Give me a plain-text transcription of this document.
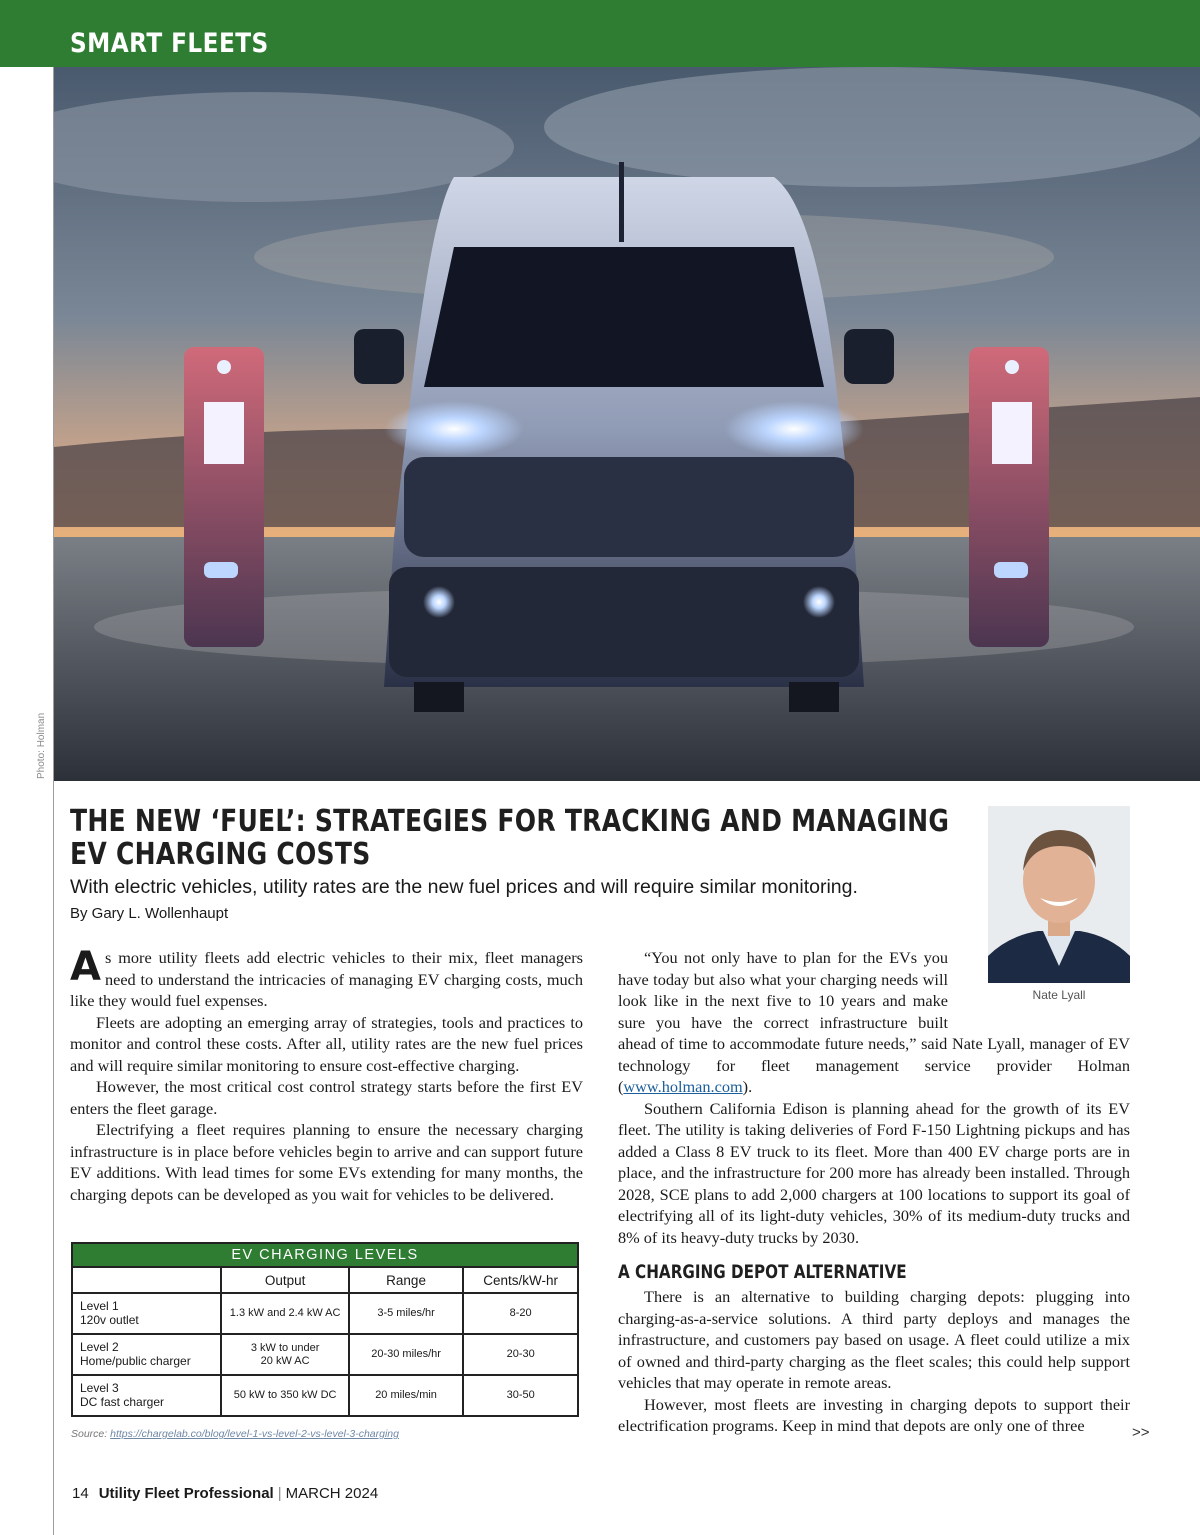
SMART FLEETS
Photo: Holman
THE NEW ‘FUEL’: STRATEGIES FOR TRACKING AND MANAGING
EV CHARGING COSTS
With electric vehicles, utility rates are the new fuel prices and will require similar monitoring.
By Gary L. Wollenhaupt
Nate Lyall

As more utility fleets add electric vehicles to their mix, fleet managers need to understand the intricacies of managing EV charging costs, much like they would fuel expenses.

Fleets are adopting an emerging array of strategies, tools and practices to monitor and control these costs. After all, utility rates are the new fuel prices and will require similar monitoring to ensure cost-effective charging.

However, the most critical cost control strategy starts before the first EV enters the fleet garage.

Electrifying a fleet requires planning to ensure the necessary charging infrastructure is in place before vehicles begin to arrive and can support future EV additions. With lead times for some EVs extending for many months, the charging depots can be developed as you wait for vehicles to be delivered.

“You not only have to plan for the EVs you have today but also what your charging needs will look like in the next five to 10 years and make sure you have the correct infrastructure built ahead of time to accommodate future needs,” said Nate Lyall, manager of EV technology for fleet management service provider Holman (www.holman.com).

Southern California Edison is planning ahead for the growth of its EV fleet. The utility is taking deliveries of Ford F-150 Lightning pickups and has added a Class 8 EV truck to its fleet. More than 400 EV charge ports are in place, and the infrastructure for 200 more has already been installed. Through 2028, SCE plans to add 2,000 chargers at 100 locations to support its goal of electrifying all of its light-duty vehicles, 30% of its medium-duty trucks and 8% of its heavy-duty trucks by 2030.

A CHARGING DEPOT ALTERNATIVE

There is an alternative to building charging depots: plugging into charging-as-a-service solutions. A third party deploys and manages the infrastructure, and customers pay based on usage. A fleet could utilize a mix of owned and third-party charging as the fleet scales; this could help support vehicles that may operate in remote areas.

However, most fleets are investing in charging depots to support their electrification programs. Keep in mind that depots are only one of three	>>
EV CHARGING LEVELS			
	Output	Range	Cents/kW-hr
Level 1
120v outlet	1.3 kW and 2.4 kW AC	3-5 miles/hr	8-20
Level 2
Home/public charger	3 kW to under
20 kW AC	20-30 miles/hr	20-30
Level 3
DC fast charger	50 kW to 350 kW DC	20 miles/min	30-50
Source: https://chargelab.co/blog/level-1-vs-level-2-vs-level-3-charging
14 Utility Fleet Professional | MARCH 2024
